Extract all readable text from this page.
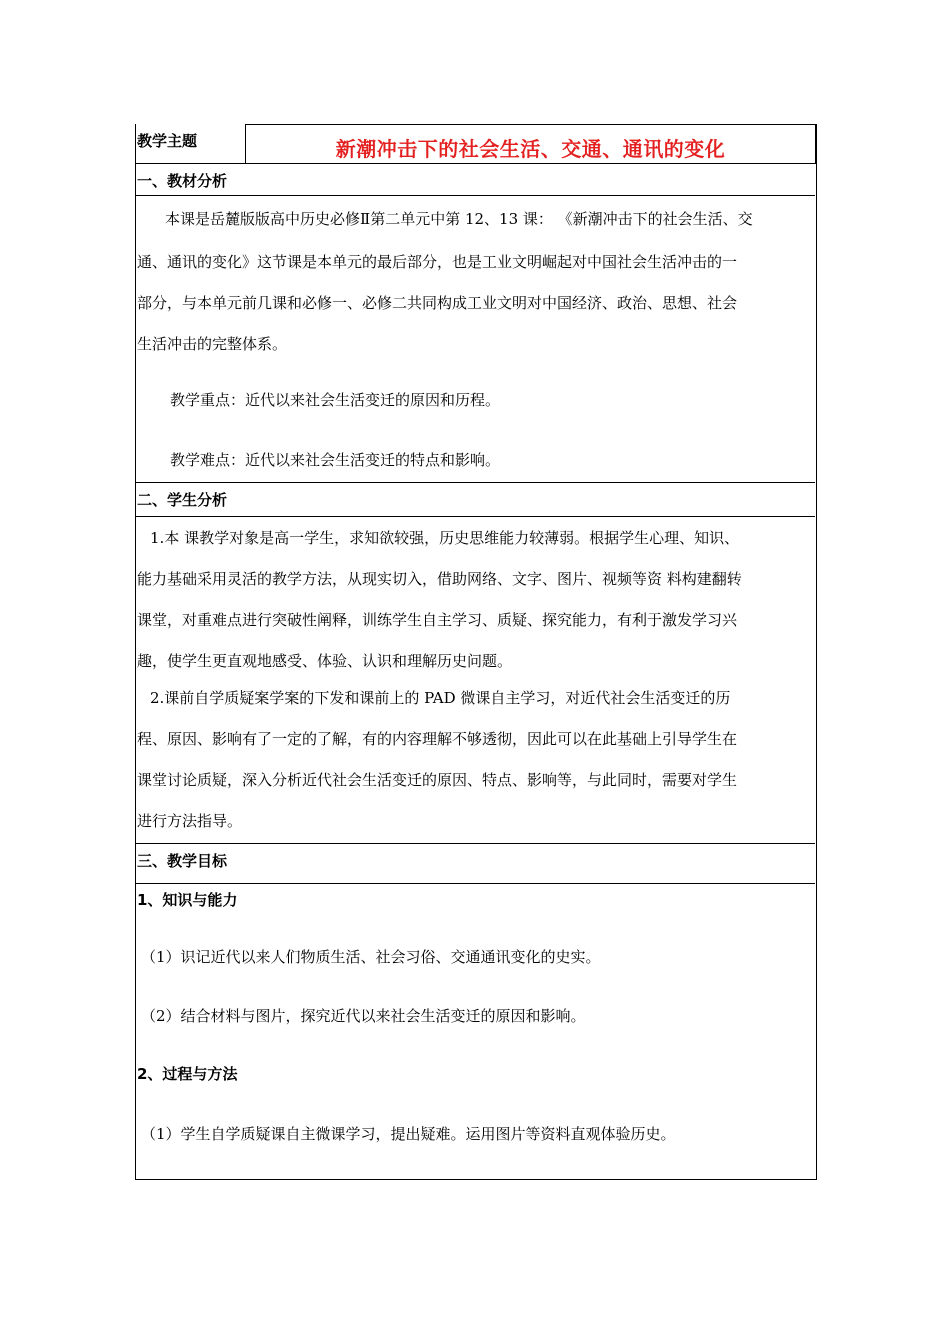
教学主题	新潮冲击下的社会生活、交通、通讯的变化
一、教材分析
本课是岳麓版版高中历史必修Ⅱ第二单元中第 12、13 课： 《新潮冲击下的社会生活、交
通、通讯的变化》这节课是本单元的最后部分，也是工业文明崛起对中国社会生活冲击的一
部分，与本单元前几课和必修一、必修二共同构成工业文明对中国经济、政治、思想、社会
生活冲击的完整体系。
教学重点：近代以来社会生活变迁的原因和历程。
教学难点：近代以来社会生活变迁的特点和影响。
二、学生分析
1.本 课教学对象是高一学生，求知欲较强，历史思维能力较薄弱。根据学生心理、知识、
能力基础采用灵活的教学方法，从现实切入，借助网络、文字、图片、视频等资 料构建翻转
课堂，对重难点进行突破性阐释，训练学生自主学习、质疑、探究能力，有利于激发学习兴
趣，使学生更直观地感受、体验、认识和理解历史问题。
2.课前自学质疑案学案的下发和课前上的 PAD 微课自主学习，对近代社会生活变迁的历
程、原因、影响有了一定的了解，有的内容理解不够透彻，因此可以在此基础上引导学生在
课堂讨论质疑，深入分析近代社会生活变迁的原因、特点、影响等，与此同时，需要对学生
进行方法指导。
三、教学目标
1、知识与能力
（1）识记近代以来人们物质生活、社会习俗、交通通讯变化的史实。
（2）结合材料与图片，探究近代以来社会生活变迁的原因和影响。
2、过程与方法
（1）学生自学质疑课自主微课学习，提出疑难。运用图片等资料直观体验历史。
